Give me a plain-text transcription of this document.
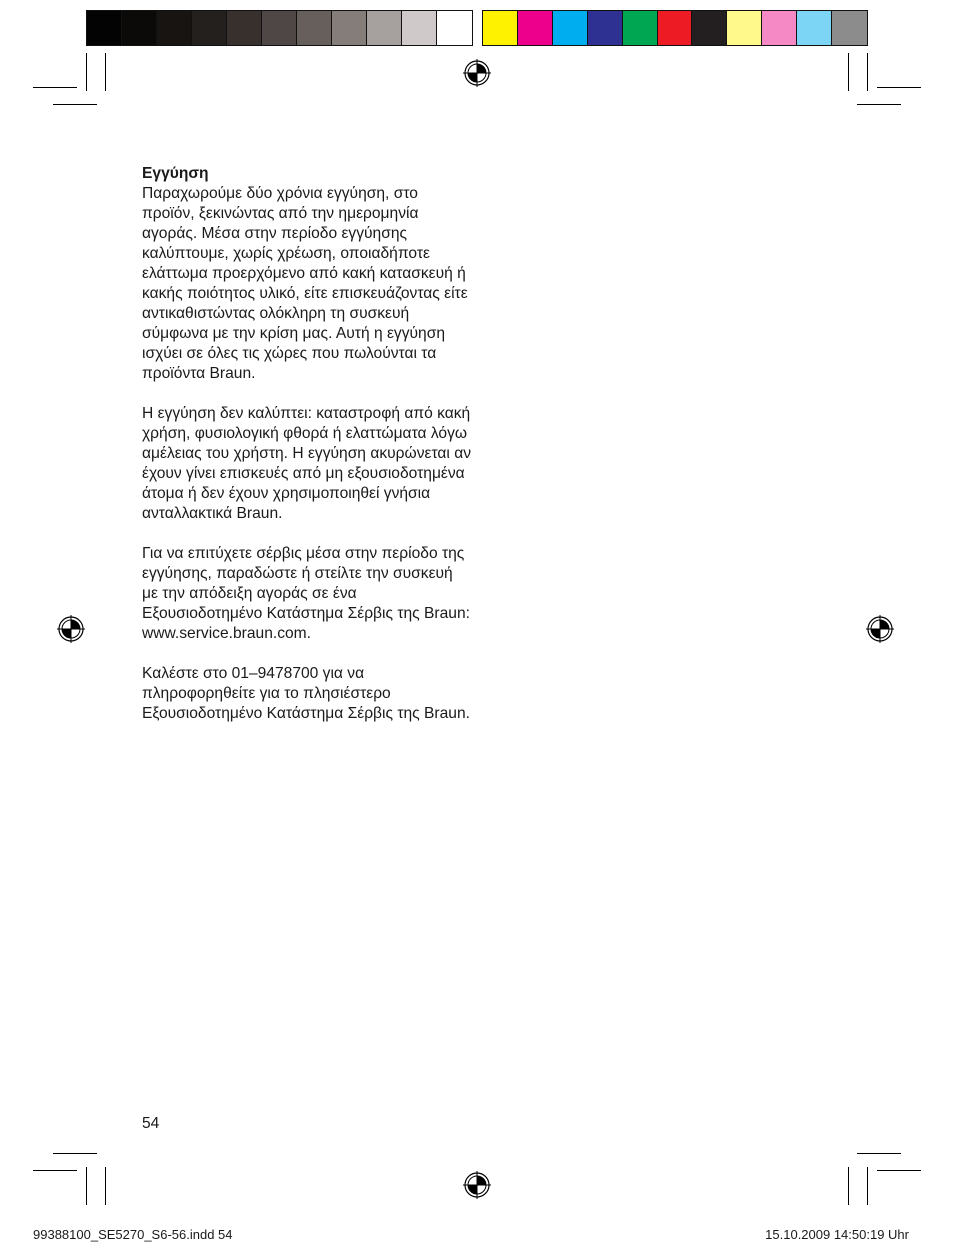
Εγγύηση

Παραχωρούμε δύο χρόνια εγγύηση, στο προϊόν, ξεκινώντας από την ημερομηνία αγοράς. Μέσα στην περίοδο εγγύησης καλύπτουμε, χωρίς χρέωση, οποιαδήποτε ελάττωμα προερχόμενο από κακή κατασκευή ή κακής ποιότητος υλικό, είτε επισκευάζοντας είτε αντικαθιστώντας ολόκληρη τη συσκευή σύμφωνα με την κρίση μας. Αυτή η εγγύηση ισχύει σε όλες τις χώρες που πωλούνται τα προϊόντα Braun.

Η εγγύηση δεν καλύπτει: καταστροφή από κακή χρήση, φυσιολογική φθορά ή ελαττώματα λόγω αμέλειας του χρήστη. Η εγγύηση ακυρώνεται αν έχουν γίνει επισκευές από μη εξουσιοδοτημένα άτομα ή δεν έχουν χρησιμοποιηθεί γνήσια ανταλλακτικά Braun.

Για να επιτύχετε σέρβις μέσα στην περίοδο της εγγύησης, παραδώστε ή στείλτε την συσκευή με την απόδειξη αγοράς σε ένα Εξουσιοδοτημένο Κατάστημα Σέρβις της Braun: www.service.braun.com.

Καλέστε στο 01–9478700 για να πληροφορηθείτε για το πλησιέστερο Εξουσιοδοτημένο Κατάστημα Σέρβις της Braun.

54
99388100_SE5270_S6-56.indd 54	15.10.2009 14:50:19 Uhr
